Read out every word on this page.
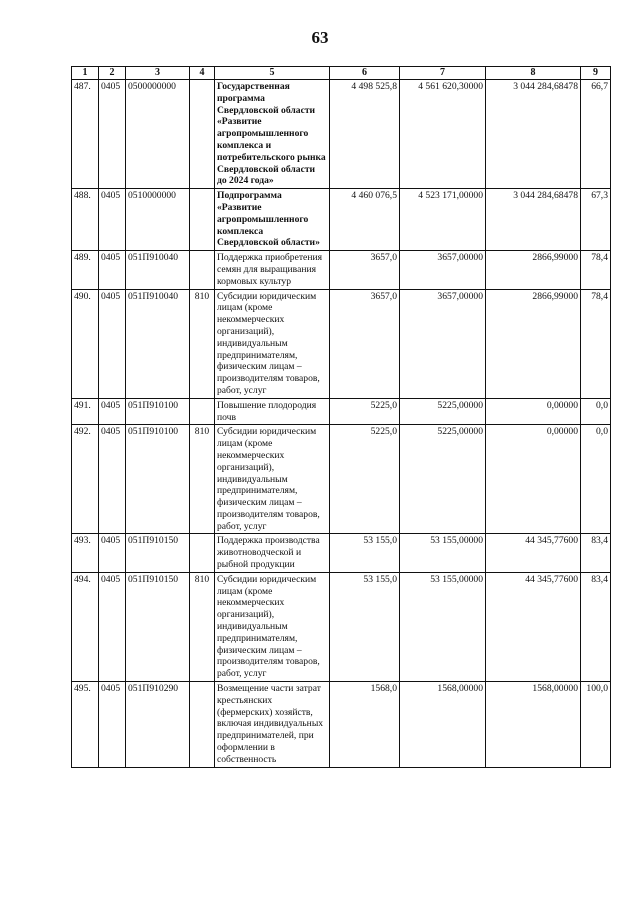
63
1	2	3	4	5	6	7	8	9
487.	0405	0500000000		Государственная программа Свердловской области «Развитие агропромышленного комплекса и потребительского рынка Свердловской области до 2024 года»	4 498 525,8	4 561 620,30000	3 044 284,68478	66,7
488.	0405	0510000000		Подпрограмма «Развитие агропромышленного комплекса Свердловской области»	4 460 076,5	4 523 171,00000	3 044 284,68478	67,3
489.	0405	051П910040		Поддержка приобретения семян для выращивания кормовых культур	3657,0	3657,00000	2866,99000	78,4
490.	0405	051П910040	810	Субсидии юридическим лицам (кроме некоммерческих организаций), индивидуальным предпринимателям, физическим лицам – производителям товаров, работ, услуг	3657,0	3657,00000	2866,99000	78,4
491.	0405	051П910100		Повышение плодородия почв	5225,0	5225,00000	0,00000	0,0
492.	0405	051П910100	810	Субсидии юридическим лицам (кроме некоммерческих организаций), индивидуальным предпринимателям, физическим лицам – производителям товаров, работ, услуг	5225,0	5225,00000	0,00000	0,0
493.	0405	051П910150		Поддержка производства животноводческой и рыбной продукции	53 155,0	53 155,00000	44 345,77600	83,4
494.	0405	051П910150	810	Субсидии юридическим лицам (кроме некоммерческих организаций), индивидуальным предпринимателям, физическим лицам – производителям товаров, работ, услуг	53 155,0	53 155,00000	44 345,77600	83,4
495.	0405	051П910290		Возмещение части затрат крестьянских (фермерских) хозяйств, включая индивидуальных предпринимателей, при оформлении в собственность	1568,0	1568,00000	1568,00000	100,0
